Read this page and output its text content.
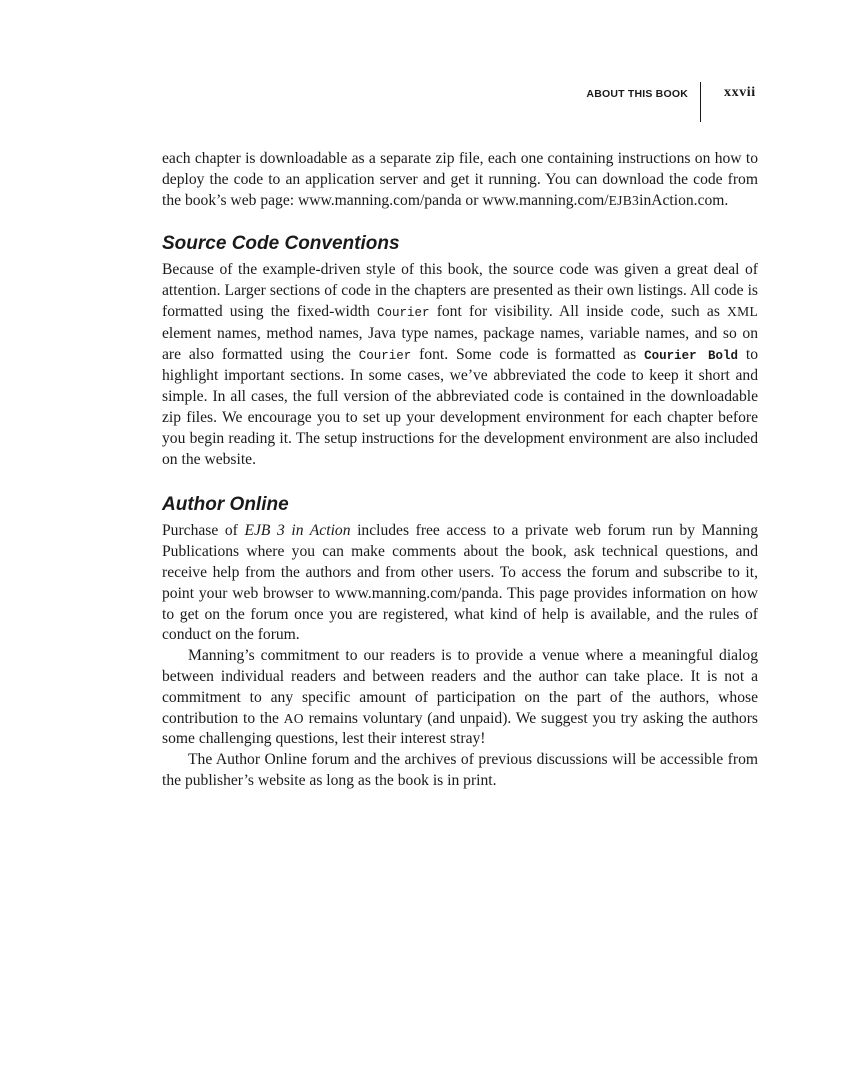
ABOUT THIS BOOK	xxvii

each chapter is downloadable as a separate zip file, each one containing instructions on how to deploy the code to an application server and get it running. You can download the code from the book’s web page: www.manning.com/panda or www.manning.com/EJB3inAction.com.

Source Code Conventions

Because of the example-driven style of this book, the source code was given a great deal of attention. Larger sections of code in the chapters are presented as their own listings. All code is formatted using the fixed-width Courier font for visibility. All inside code, such as XML element names, method names, Java type names, package names, variable names, and so on are also formatted using the Courier font. Some code is formatted as Courier Bold to highlight important sections. In some cases, we’ve abbreviated the code to keep it short and simple. In all cases, the full version of the abbreviated code is contained in the downloadable zip files. We encourage you to set up your development environment for each chapter before you begin reading it. The setup instructions for the development environment are also included on the website.

Author Online

Purchase of EJB 3 in Action includes free access to a private web forum run by Manning Publications where you can make comments about the book, ask technical questions, and receive help from the authors and from other users. To access the forum and subscribe to it, point your web browser to www.manning.com/panda. This page provides information on how to get on the forum once you are registered, what kind of help is available, and the rules of conduct on the forum.

Manning’s commitment to our readers is to provide a venue where a meaningful dialog between individual readers and between readers and the author can take place. It is not a commitment to any specific amount of participation on the part of the authors, whose contribution to the AO remains voluntary (and unpaid). We suggest you try asking the authors some challenging questions, lest their interest stray!

The Author Online forum and the archives of previous discussions will be accessible from the publisher’s website as long as the book is in print.
